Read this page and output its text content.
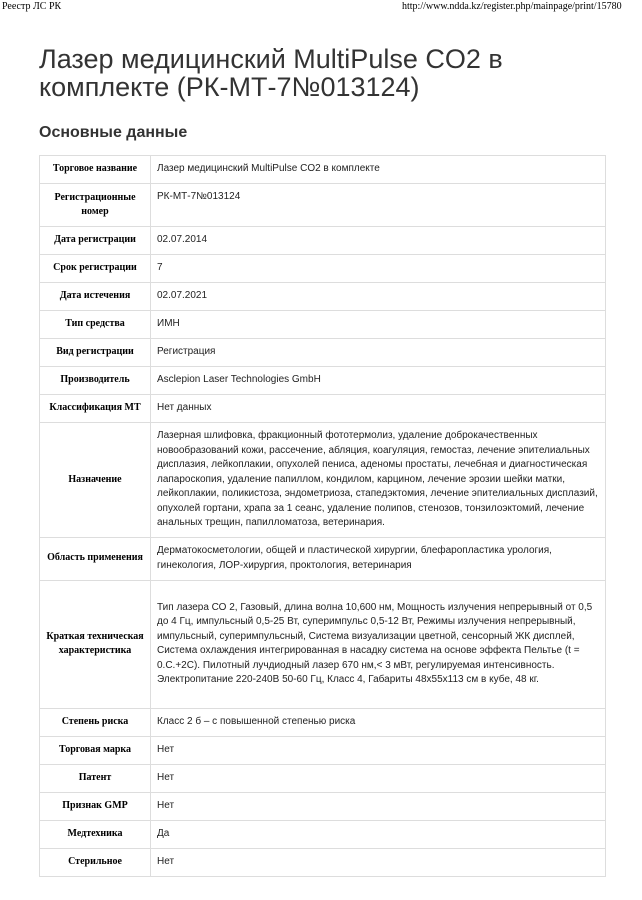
Реестр ЛС РК	http://www.ndda.kz/register.php/mainpage/print/15780
Лазер медицинский MultiPulse CO2 в комплекте (РК-МТ-7№013124)
Основные данные
Торговое название	Лазер медицинский MultiPulse CO2 в комплекте
Регистрационные номер	РК-МТ-7№013124
Дата регистрации	02.07.2014
Срок регистрации	7
Дата истечения	02.07.2021
Тип средства	ИМН
Вид регистрации	Регистрация
Производитель	Asclepion Laser Technologies GmbH
Классификация МТ	Нет данных
Назначение	Лазерная шлифовка, фракционный фототермолиз, удаление доброкачественных новообразований кожи, рассечение, абляция, коагуляция, гемостаз, лечение эпителиальных дисплазия, лейкоплакии, опухолей пениса, аденомы простаты, лечебная и диагностическая лапароскопия, удаление папиллом, кондилом, карцином, лечение эрозии шейки матки, лейкоплакии, поликистоза, эндометриоза, стапедэктомия, лечение эпителиальных дисплазий, опухолей гортани, храпа за 1 сеанс, удаление полипов, стенозов, тонзилоэктомий, лечение анальных трещин, папилломатоза, ветеринария.
Область применения	Дерматокосметологии, общей и пластической хирургии, блефаропластика урология, гинекология, ЛОР-хирургия, проктология, ветеринария
Краткая техническая характеристика	Тип лазера СО 2, Газовый, длина волна 10,600 нм, Мощность излучения непрерывный от 0,5 до 4 Гц, импульсный 0,5-25 Вт, суперимпульс 0,5-12 Вт, Режимы излучения непрерывный, импульсный, суперимпульсный, Система визуализации цветной, сенсорный ЖК дисплей, Система охлаждения интегрированная в насадку система на основе эффекта Пельтье (t = 0.С.+2С). Пилотный лучдиодный лазер 670 нм,< 3 мВт, регулируемая интенсивность. Электропитание 220-240В 50-60 Гц, Класс 4, Габариты 48x55x113 см в кубе, 48 кг.
Степень риска	Класс 2 б – с повышенной степенью риска
Торговая марка	Нет
Патент	Нет
Признак GMP	Нет
Медтехника	Да
Стерильное	Нет
